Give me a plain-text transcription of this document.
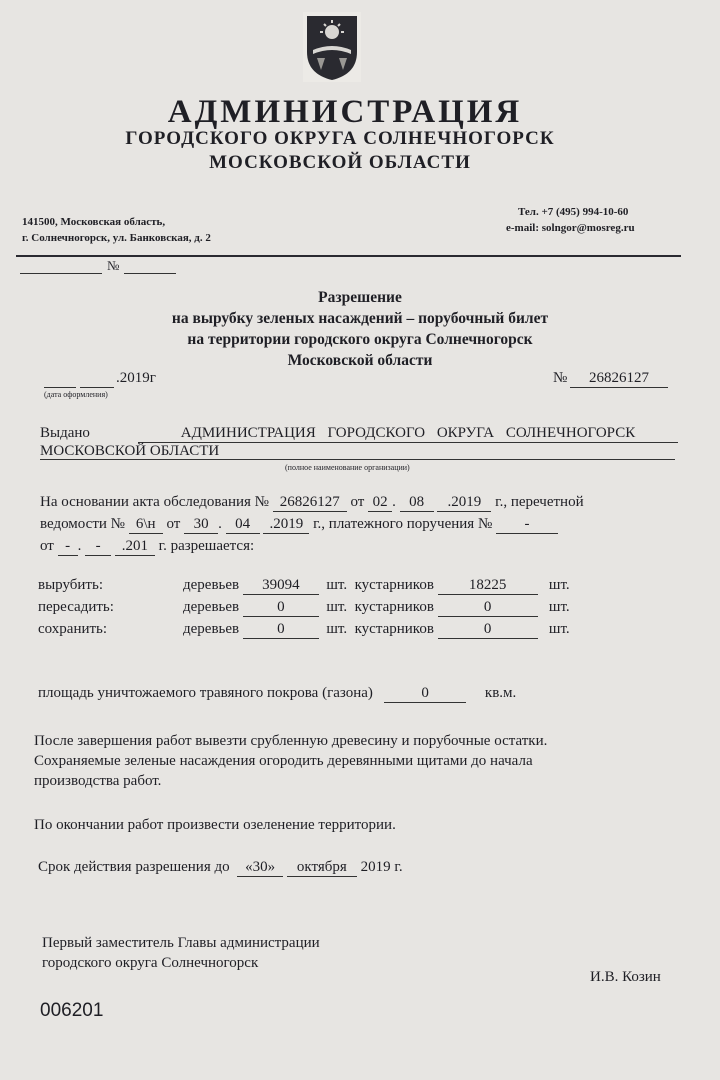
АДМИНИСТРАЦИЯ
ГОРОДСКОГО ОКРУГА СОЛНЕЧНОГОРСК
МОСКОВСКОЙ ОБЛАСТИ
141500, Московская область,
г. Солнечногорск, ул. Банковская, д. 2
Тел. +7 (495) 994-10-60
e-mail: solngor@mosreg.ru
№
Разрешение
на вырубку зеленых насаждений – порубочный билет
на территории городского округа Солнечногорск
Московской области
.2019г
(дата оформления)
№	26826127
Выдано	АДМИНИСТРАЦИЯ ГОРОДСКОГО ОКРУГА СОЛНЕЧНОГОРСК
МОСКОВСКОЙ ОБЛАСТИ
(полное наименование организации)
На основании акта обследования № 26826127 от 02 . 08 .2019 г., перечетной
ведомости № 6\н от 30 . 04 .2019 г., платежного поручения № -
от - . - .201 г. разрешается:
вырубить:	деревьев 39094 шт. кустарников 18225	шт.
пересадить:	деревьев	0	шт. кустарников	0	шт.
сохранить:	деревьев	0	шт. кустарников	0	шт.
площадь уничтожаемого травяного покрова (газона)	0	кв.м.
После завершения работ вывезти срубленную древесину и порубочные остатки.
Сохраняемые зеленые насаждения огородить деревянными щитами до начала
производства работ.
По окончании работ произвести озеленение территории.
Срок действия разрешения до «30» октября 2019 г.
Первый заместитель Главы администрации
городского округа Солнечногорск
И.В. Козин
006201
